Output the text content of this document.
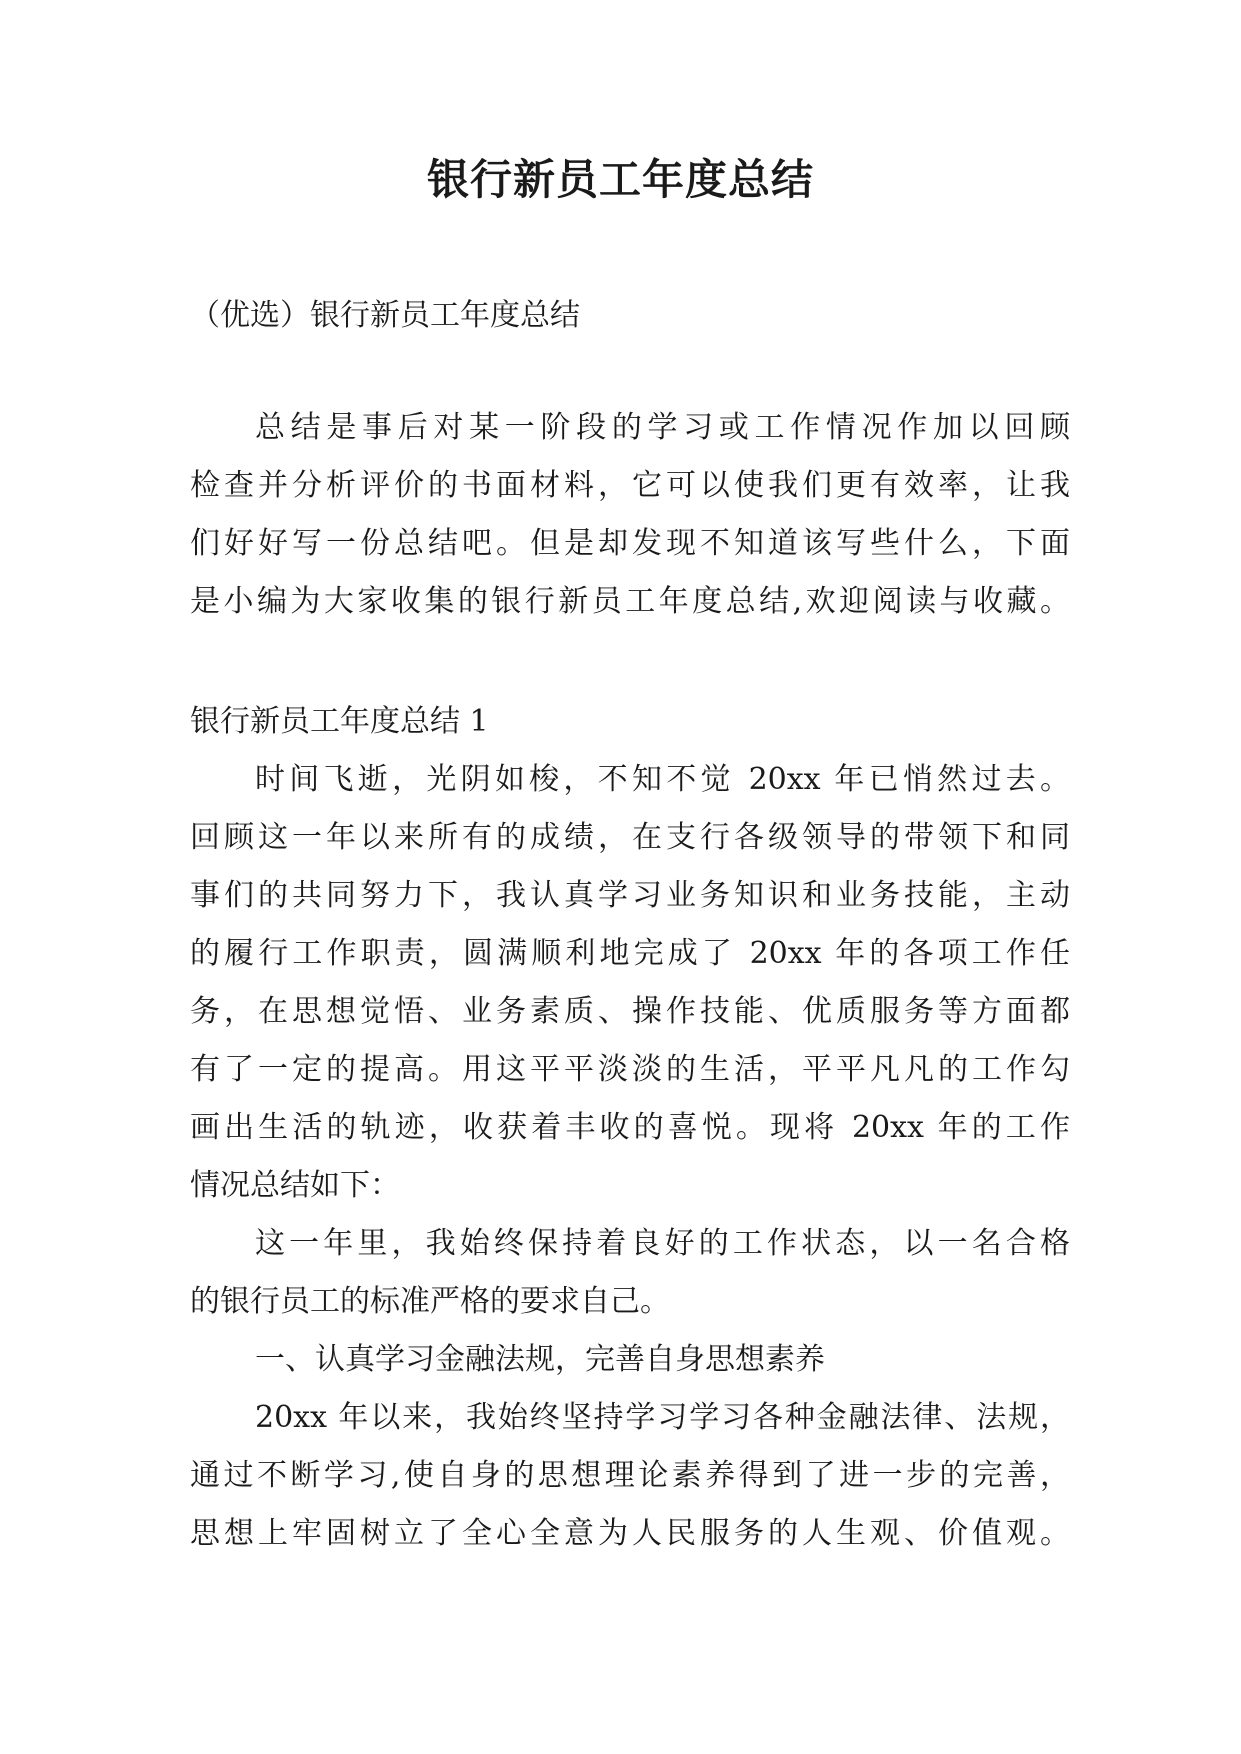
银行新员工年度总结

（优选）银行新员工年度总结

总结是事后对某一阶段的学习或工作情况作加以回顾

检查并分析评价的书面材料，它可以使我们更有效率，让我

们好好写一份总结吧。但是却发现不知道该写些什么，下面

是小编为大家收集的银行新员工年度总结,欢迎阅读与收藏。

银行新员工年度总结 1

时间飞逝，光阴如梭，不知不觉 20xx 年已悄然过去。

回顾这一年以来所有的成绩，在支行各级领导的带领下和同

事们的共同努力下，我认真学习业务知识和业务技能，主动

的履行工作职责，圆满顺利地完成了 20xx 年的各项工作任

务，在思想觉悟、业务素质、操作技能、优质服务等方面都

有了一定的提高。用这平平淡淡的生活，平平凡凡的工作勾

画出生活的轨迹，收获着丰收的喜悦。现将 20xx 年的工作

情况总结如下：

这一年里，我始终保持着良好的工作状态，以一名合格

的银行员工的标准严格的要求自己。

一、认真学习金融法规，完善自身思想素养

20xx 年以来，我始终坚持学习学习各种金融法律、法规，

通过不断学习,使自身的思想理论素养得到了进一步的完善，

思想上牢固树立了全心全意为人民服务的人生观、价值观。
